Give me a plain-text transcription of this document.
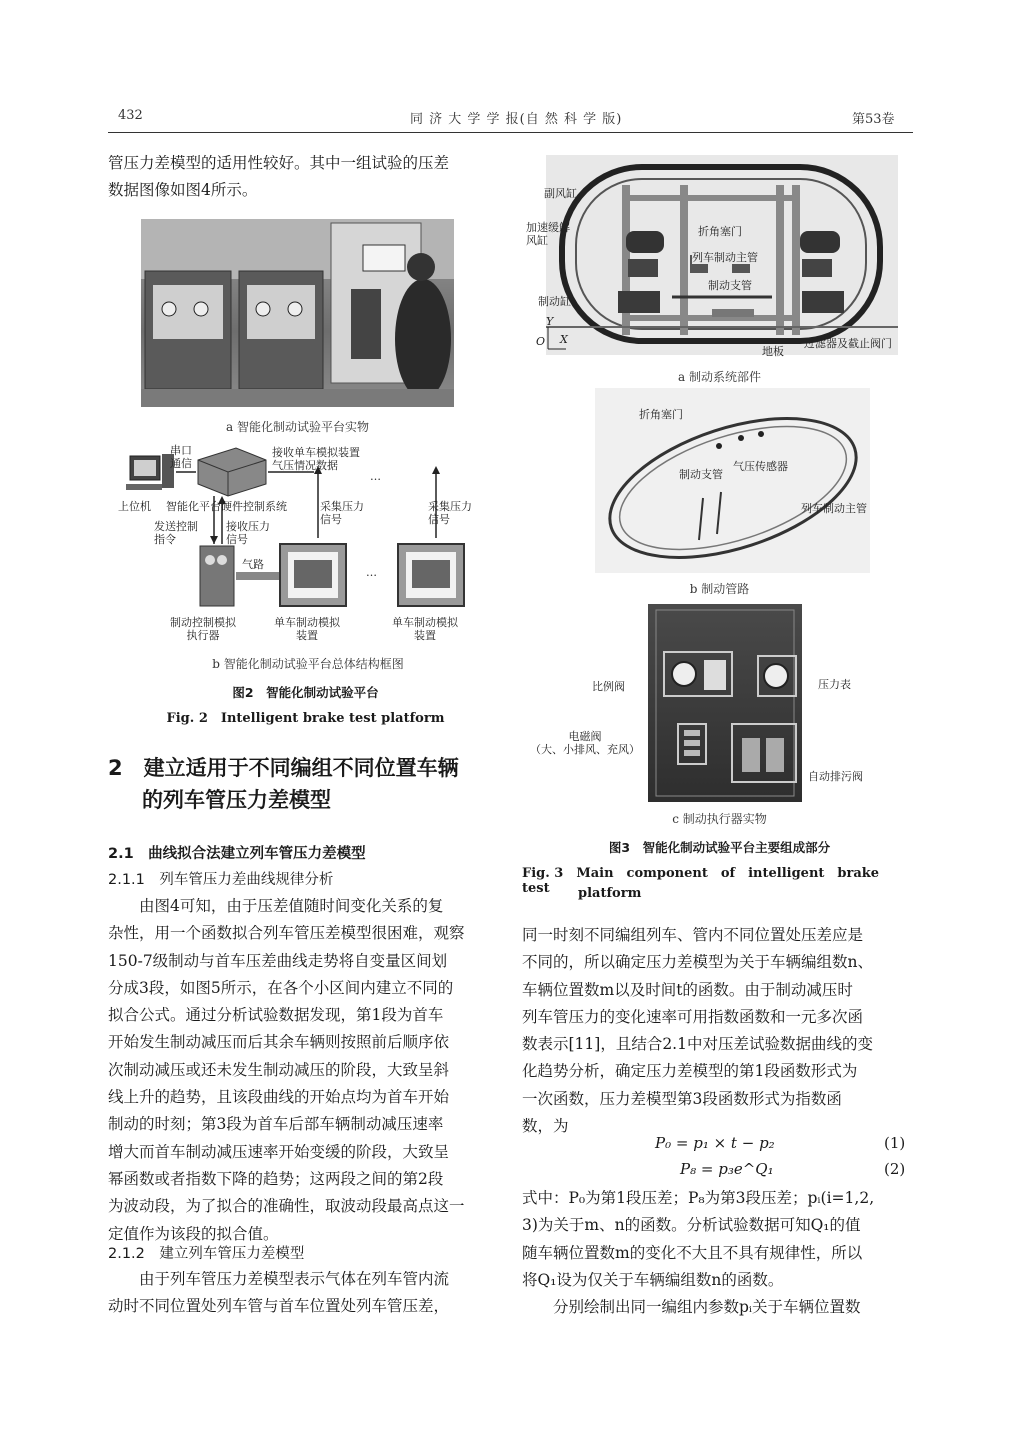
432	同 济 大 学 学 报(自 然 科 学 版)	第53卷

管压力差模型的适用性较好。其中一组试验的压差

数据图像如图4所示。

a 智能化制动试验平台实物
串口
通信
接收单车模拟装置
气压情况数据
…
上位机 智能化平台硬件控制系统	采集压力
信号
采集压力
信号
发送控制
指令
接收压力
信号
气路
…
制动控制模拟
执行器
单车制动模拟
装置
单车制动模拟
装置
b 智能化制动试验平台总体结构框图
图2　智能化制动试验平台
Fig. 2　Intelligent brake test platform
2　建立适用于不同编组不同位置车辆
的列车管压力差模型
2.1　曲线拟合法建立列车管压力差模型
2.1.1　列车管压力差曲线规律分析

由图4可知，由于压差值随时间变化关系的复

杂性，用一个函数拟合列车管压差模型很困难，观察

150-7级制动与首车压差曲线走势将自变量区间划

分成3段，如图5所示，在各个小区间内建立不同的

拟合公式。通过分析试验数据发现，第1段为首车

开始发生制动减压而后其余车辆则按照前后顺序依

次制动减压或还未发生制动减压的阶段，大致呈斜

线上升的趋势，且该段曲线的开始点均为首车开始

制动的时刻；第3段为首车后部车辆制动减压速率

增大而首车制动减压速率开始变缓的阶段，大致呈

幂函数或者指数下降的趋势；这两段之间的第2段

为波动段，为了拟合的准确性，取波动段最高点这一

定值作为该段的拟合值。

2.1.2　建立列车管压力差模型

由于列车管压力差模型表示气体在列车管内流

动时不同位置处列车管与首车位置处列车管压差，

副风缸
加速缓解
风缸
制动缸
折角塞门
列车制动主管
制动支管
Y
O X
地板
过滤器及截止阀门
a 制动系统部件
折角塞门
气压传感器
制动支管
列车制动主管
b 制动管路
比例阀	压力表
电磁阀
（大、小排风、充风）
自动排污阀
c 制动执行器实物
图3　智能化制动试验平台主要组成部分
Fig. 3　Main　component　of　intelligent　brake　test	platform

同一时刻不同编组列车、管内不同位置处压差应是

不同的，所以确定压力差模型为关于车辆编组数n、

车辆位置数m以及时间t的函数。由于制动减压时

列车管压力的变化速率可用指数函数和一元多次函

数表示[11]，且结合2.1中对压差试验数据曲线的变

化趋势分析，确定压力差模型的第1段函数形式为

一次函数，压力差模型第3段函数形式为指数函

数，为

P₀ = p₁ × t − p₂	(1)
P₈ = p₃e^Q₁	(2)

式中：P₀为第1段压差；P₈为第3段压差；pᵢ(i=1,2,

3)为关于m、n的函数。分析试验数据可知Q₁的值

随车辆位置数m的变化不大且不具有规律性，所以

将Q₁设为仅关于车辆编组数n的函数。

分别绘制出同一编组内参数pᵢ关于车辆位置数
